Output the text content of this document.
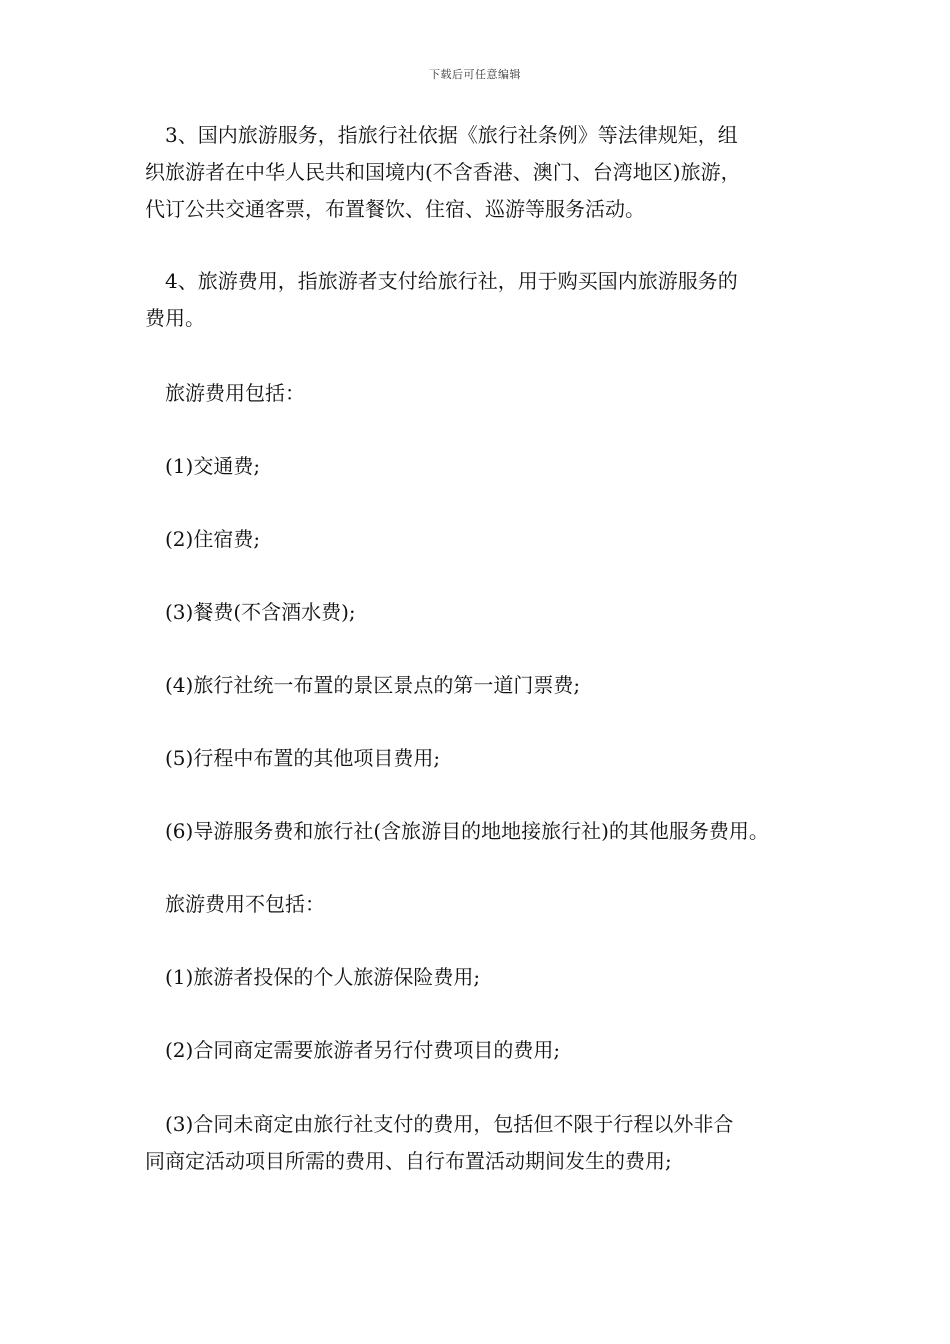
下载后可任意编辑
3、国内旅游服务，指旅行社依据《旅行社条例》等法律规矩，组
织旅游者在中华人民共和国境内(不含香港、澳门、台湾地区)旅游，
代订公共交通客票，布置餐饮、住宿、巡游等服务活动。
4、旅游费用，指旅游者支付给旅行社，用于购买国内旅游服务的
费用。
旅游费用包括：
(1)交通费;
(2)住宿费;
(3)餐费(不含酒水费);
(4)旅行社统一布置的景区景点的第一道门票费;
(5)行程中布置的其他项目费用;
(6)导游服务费和旅行社(含旅游目的地地接旅行社)的其他服务费用。
旅游费用不包括：
(1)旅游者投保的个人旅游保险费用;
(2)合同商定需要旅游者另行付费项目的费用;
(3)合同未商定由旅行社支付的费用，包括但不限于行程以外非合
同商定活动项目所需的费用、自行布置活动期间发生的费用;
